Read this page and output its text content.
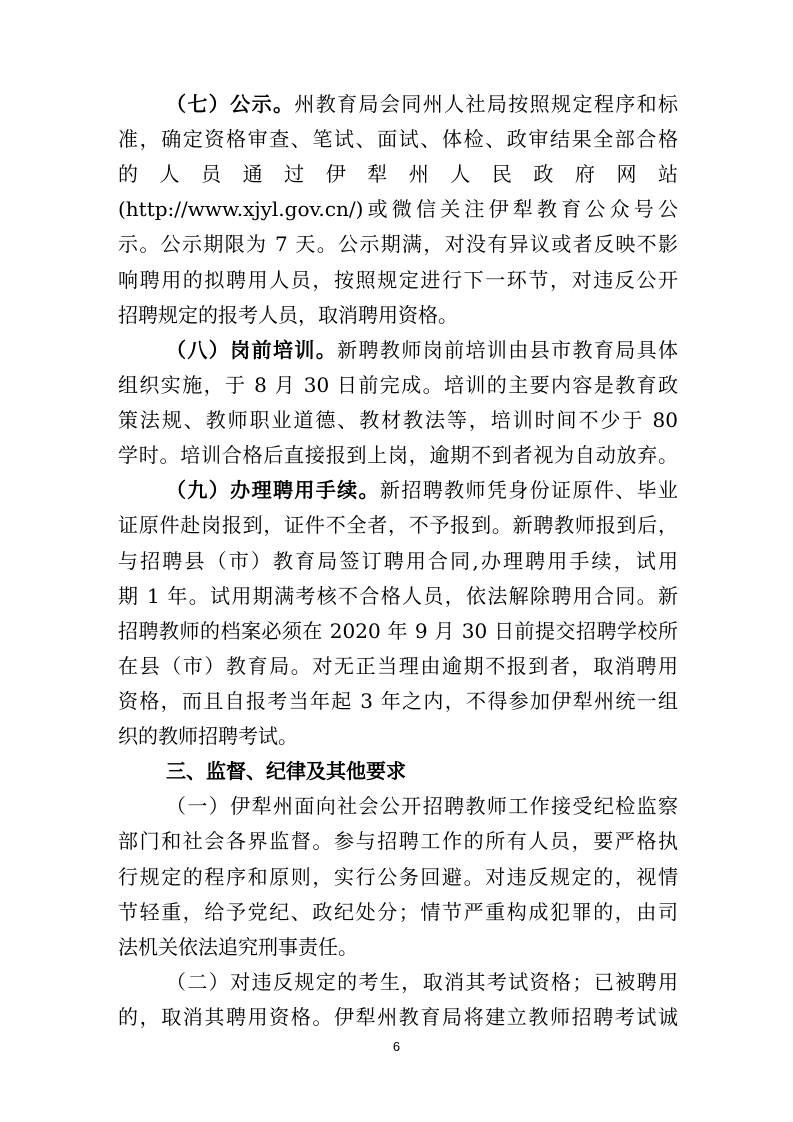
（七）公示。州教育局会同州人社局按照规定程序和标
准，确定资格审查、笔试、面试、体检、政审结果全部合格
的人员通过伊犁州人民政府网站
(http://www.xjyl.gov.cn/)或微信关注伊犁教育公众号公
示。公示期限为 7 天。公示期满，对没有异议或者反映不影
响聘用的拟聘用人员，按照规定进行下一环节，对违反公开
招聘规定的报考人员，取消聘用资格。
（八）岗前培训。新聘教师岗前培训由县市教育局具体
组织实施，于 8 月 30 日前完成。培训的主要内容是教育政
策法规、教师职业道德、教材教法等，培训时间不少于 80
学时。培训合格后直接报到上岗，逾期不到者视为自动放弃。
（九）办理聘用手续。新招聘教师凭身份证原件、毕业
证原件赴岗报到，证件不全者，不予报到。新聘教师报到后，
与招聘县（市）教育局签订聘用合同,办理聘用手续，试用
期 1 年。试用期满考核不合格人员，依法解除聘用合同。新
招聘教师的档案必须在 2020 年 9 月 30 日前提交招聘学校所
在县（市）教育局。对无正当理由逾期不报到者，取消聘用
资格，而且自报考当年起 3 年之内，不得参加伊犁州统一组
织的教师招聘考试。
三、监督、纪律及其他要求
（一）伊犁州面向社会公开招聘教师工作接受纪检监察
部门和社会各界监督。参与招聘工作的所有人员，要严格执
行规定的程序和原则，实行公务回避。对违反规定的，视情
节轻重，给予党纪、政纪处分；情节严重构成犯罪的，由司
6
法机关依法追究刑事责任。
（二）对违反规定的考生，取消其考试资格；已被聘用
的，取消其聘用资格。伊犁州教育局将建立教师招聘考试诚
